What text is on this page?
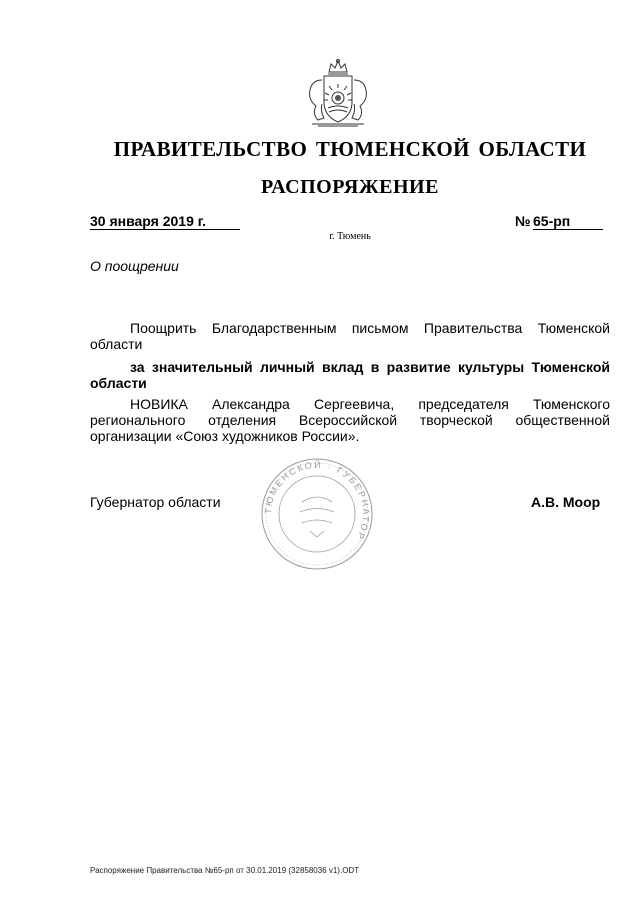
ПРАВИТЕЛЬСТВО ТЮМЕНСКОЙ ОБЛАСТИ
РАСПОРЯЖЕНИЕ
30 января 2019 г.	№ 65-рп
г. Тюмень
О поощрении
Поощрить Благодарственным письмом Правительства Тюменской области
за значительный личный вклад в развитие культуры Тюменской области
НОВИКА Александра Сергеевича, председателя Тюменского регионального отделения Всероссийской творческой общественной организации «Союз художников России».
Губернатор области
ТЮМЕНСКОЙ · ГУБЕРНАТОР
А.В. Моор
Распоряжение Правительства №65-рп от 30.01.2019 (32858036 v1).ODT
